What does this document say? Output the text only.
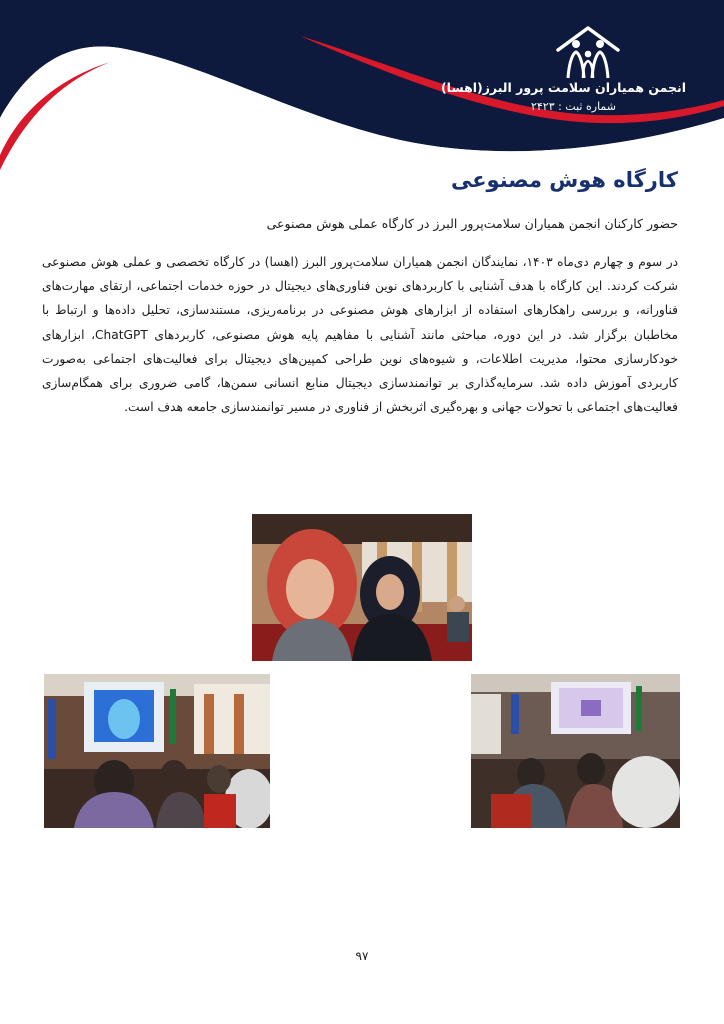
انجمن همیاران سلامت پرور البرز(اهسا)
شماره ثبت : ۲۴۲۳
کارگاه هوش مصنوعی

حضور کارکنان انجمن همیاران سلامت‌پرور البرز در کارگاه عملی هوش مصنوعی

در سوم و چهارم دی‌ماه ۱۴۰۳، نمایندگان انجمن همیاران سلامت‌پرور البرز (اهسا) در کارگاه تخصصی و عملی هوش مصنوعی شرکت کردند. این کارگاه با هدف آشنایی با کاربردهای نوین فناوری‌های دیجیتال در حوزه خدمات اجتماعی، ارتقای مهارت‌های فناورانه، و بررسی راهکارهای استفاده از ابزارهای هوش مصنوعی در برنامه‌ریزی، مستندسازی، تحلیل داده‌ها و ارتباط با مخاطبان برگزار شد. در این دوره، مباحثی مانند آشنایی با مفاهیم پایه هوش مصنوعی، کاربردهای ChatGPT، ابزارهای خودکارسازی محتوا، مدیریت اطلاعات، و شیوه‌های نوین طراحی کمپین‌های دیجیتال برای فعالیت‌های اجتماعی به‌صورت کاربردی آموزش داده شد. سرمایه‌گذاری بر توانمندسازی دیجیتال منابع انسانی سمن‌ها، گامی ضروری برای همگام‌سازی فعالیت‌های اجتماعی با تحولات جهانی و بهره‌گیری اثربخش از فناوری در مسیر توانمندسازی جامعه هدف است.

۹۷
